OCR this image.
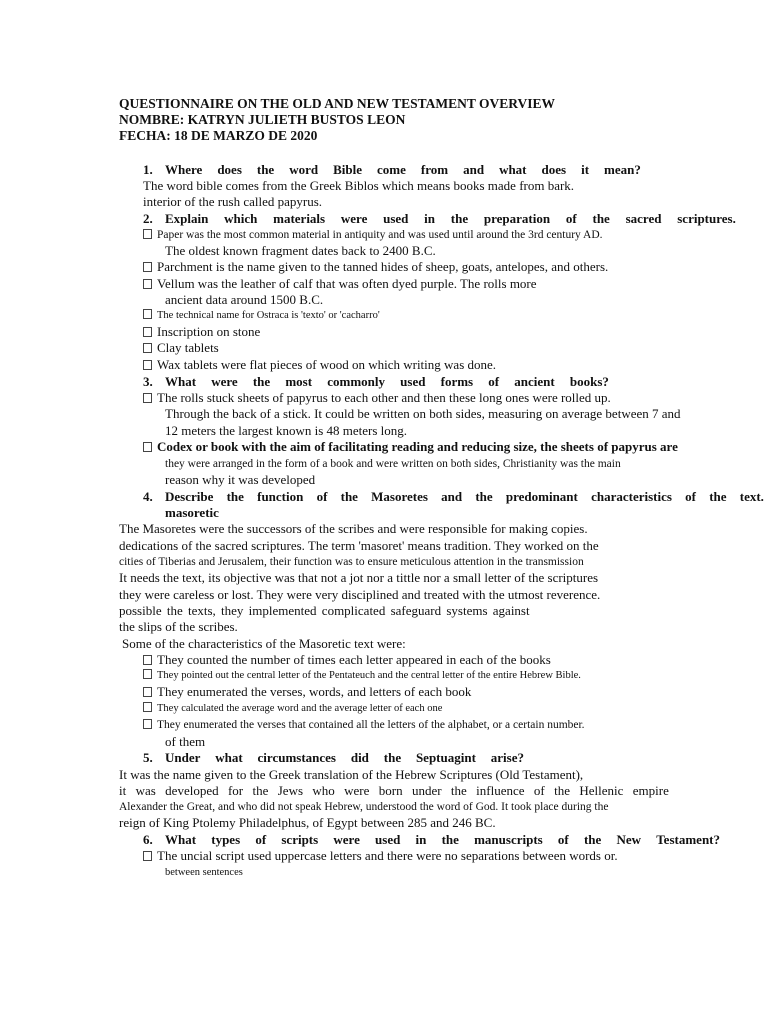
QUESTIONNAIRE ON THE OLD AND NEW TESTAMENT OVERVIEW
NOMBRE: KATRYN JULIETH BUSTOS LEON
FECHA: 18 DE MARZO DE 2020
1. Where does the word Bible come from and what does it mean?
The word bible comes from the Greek Biblos which means books made from bark.
interior of the rush called papyrus.
2. Explain which materials were used in the preparation of the sacred scriptures.
Paper was the most common material in antiquity and was used until around the 3rd century AD.
The oldest known fragment dates back to 2400 B.C.
Parchment is the name given to the tanned hides of sheep, goats, antelopes, and others.
Vellum was the leather of calf that was often dyed purple. The rolls more
ancient data around 1500 B.C.
The technical name for Ostraca is 'texto' or 'cacharro'
Inscription on stone
Clay tablets
Wax tablets were flat pieces of wood on which writing was done.
3. What were the most commonly used forms of ancient books?
The rolls stuck sheets of papyrus to each other and then these long ones were rolled up.
Through the back of a stick. It could be written on both sides, measuring on average between 7 and
12 meters the largest known is 48 meters long.
Codex or book with the aim of facilitating reading and reducing size, the sheets of papyrus are
they were arranged in the form of a book and were written on both sides, Christianity was the main
reason why it was developed
4. Describe the function of the Masoretes and the predominant characteristics of the text.
masoretic
The Masoretes were the successors of the scribes and were responsible for making copies.
dedications of the sacred scriptures. The term 'masoret' means tradition. They worked on the
cities of Tiberias and Jerusalem, their function was to ensure meticulous attention in the transmission
It needs the text, its objective was that not a jot nor a tittle nor a small letter of the scriptures
they were careless or lost. They were very disciplined and treated with the utmost reverence.
possible the texts, they implemented complicated safeguard systems against
the slips of the scribes.
Some of the characteristics of the Masoretic text were:
They counted the number of times each letter appeared in each of the books
They pointed out the central letter of the Pentateuch and the central letter of the entire Hebrew Bible.
They enumerated the verses, words, and letters of each book
They calculated the average word and the average letter of each one
They enumerated the verses that contained all the letters of the alphabet, or a certain number.
of them
5. Under what circumstances did the Septuagint arise?
It was the name given to the Greek translation of the Hebrew Scriptures (Old Testament),
it was developed for the Jews who were born under the influence of the Hellenic empire
Alexander the Great, and who did not speak Hebrew, understood the word of God. It took place during the
reign of King Ptolemy Philadelphus, of Egypt between 285 and 246 BC.
6. What types of scripts were used in the manuscripts of the New Testament?
The uncial script used uppercase letters and there were no separations between words or.
between sentences
